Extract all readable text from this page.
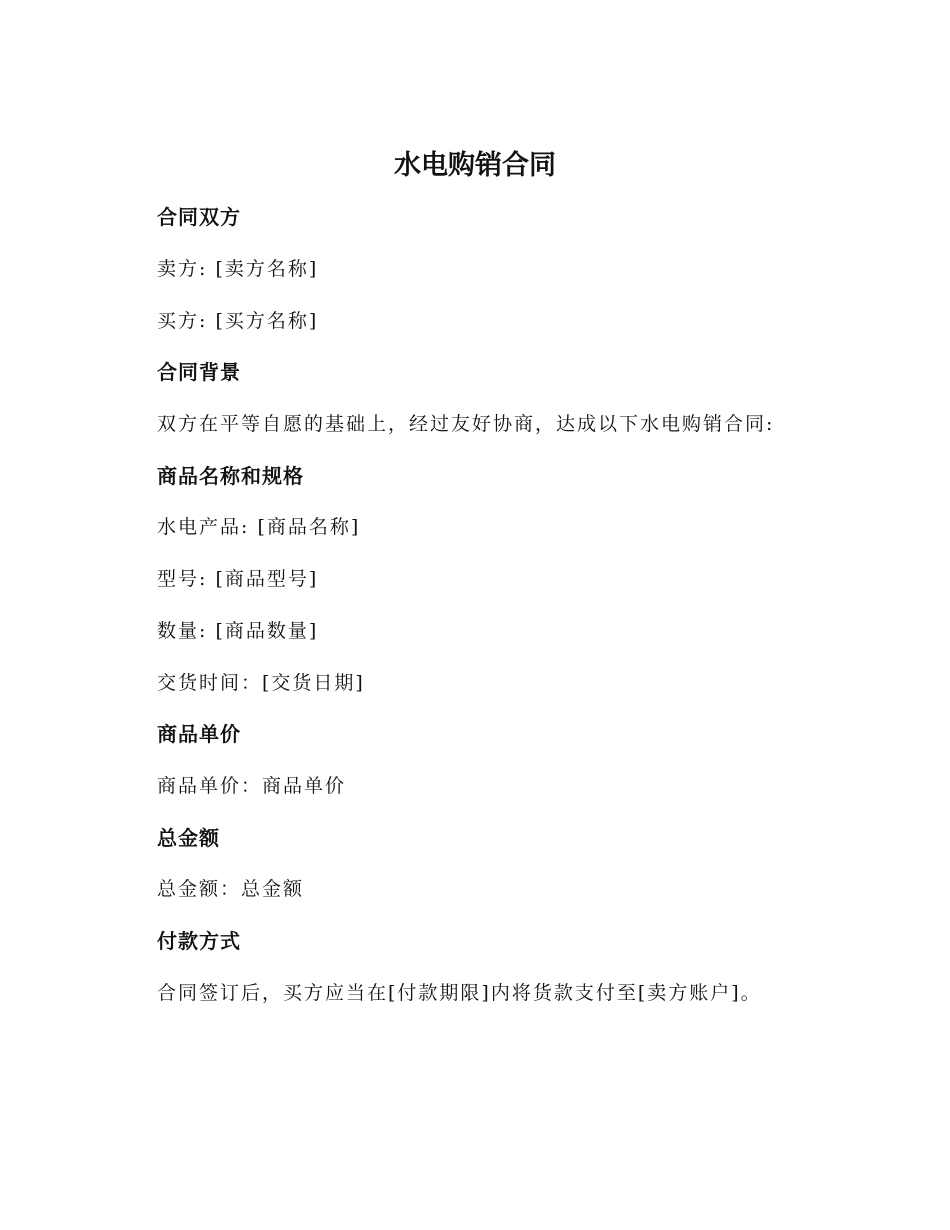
水电购销合同
合同双方

卖方: [卖方名称]

买方: [买方名称]

合同背景

双方在平等自愿的基础上，经过友好协商，达成以下水电购销合同:

商品名称和规格

水电产品: [商品名称]

型号: [商品型号]

数量: [商品数量]

交货时间：[交货日期]

商品单价

商品单价：商品单价

总金额

总金额：总金额

付款方式

合同签订后，买方应当在[付款期限]内将货款支付至[卖方账户]。
